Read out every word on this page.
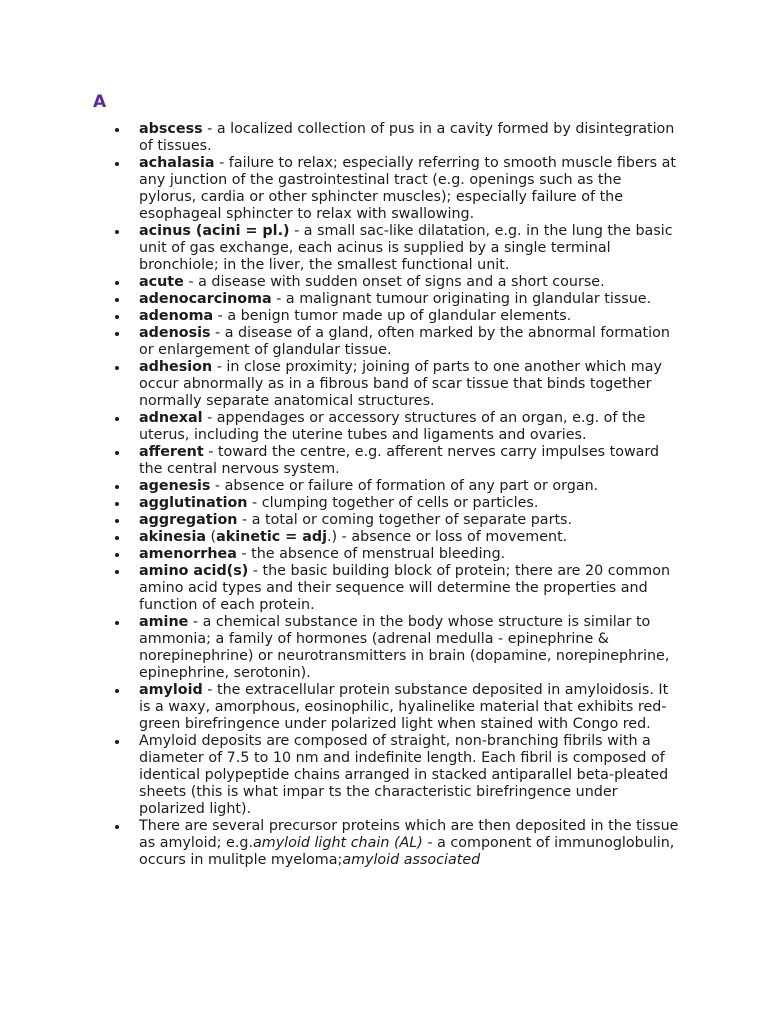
A
abscess - a localized collection of pus in a cavity formed by disintegration of tissues.
achalasia - failure to relax; especially referring to smooth muscle fibers at any junction of the gastrointestinal tract (e.g. openings such as the pylorus, cardia or other sphincter muscles); especially failure of the esophageal sphincter to relax with swallowing.
acinus (acini = pl.) - a small sac-like dilatation, e.g. in the lung the basic unit of gas exchange, each acinus is supplied by a single terminal bronchiole; in the liver, the smallest functional unit.
acute - a disease with sudden onset of signs and a short course.
adenocarcinoma - a malignant tumour originating in glandular tissue.
adenoma - a benign tumor made up of glandular elements.
adenosis - a disease of a gland, often marked by the abnormal formation or enlargement of glandular tissue.
adhesion - in close proximity; joining of parts to one another which may occur abnormally as in a fibrous band of scar tissue that binds together normally separate anatomical structures.
adnexal - appendages or accessory structures of an organ, e.g. of the uterus, including the uterine tubes and ligaments and ovaries.
afferent - toward the centre, e.g. afferent nerves carry impulses toward the central nervous system.
agenesis - absence or failure of formation of any part or organ.
agglutination - clumping together of cells or particles.
aggregation - a total or coming together of separate parts.
akinesia (akinetic = adj.) - absence or loss of movement.
amenorrhea - the absence of menstrual bleeding.
amino acid(s) - the basic building block of protein; there are 20 common amino acid types and their sequence will determine the properties and function of each protein.
amine - a chemical substance in the body whose structure is similar to ammonia; a family of hormones (adrenal medulla - epinephrine & norepinephrine) or neurotransmitters in brain (dopamine, norepinephrine, epinephrine, serotonin).
amyloid - the extracellular protein substance deposited in amyloidosis. It is a waxy, amorphous, eosinophilic, hyalinelike material that exhibits red-green birefringence under polarized light when stained with Congo red.
Amyloid deposits are composed of straight, non-branching fibrils with a diameter of 7.5 to 10 nm and indefinite length. Each fibril is composed of identical polypeptide chains arranged in stacked antiparallel beta-pleated sheets (this is what impar ts the characteristic birefringence under polarized light).
There are several precursor proteins which are then deposited in the tissue as amyloid; e.g.amyloid light chain (AL) - a component of immunoglobulin, occurs in mulitple myeloma;amyloid associated
